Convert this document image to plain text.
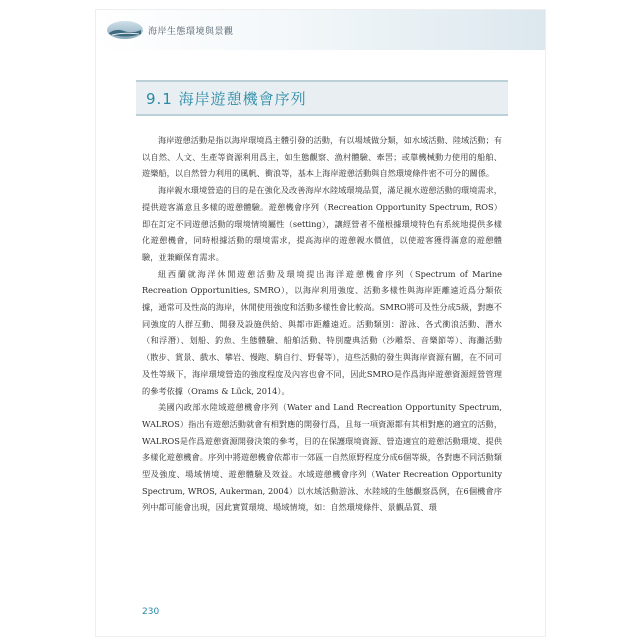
海岸生態環境與景觀
9.1 海岸遊憩機會序列

海岸遊憩活動是指以海岸環境爲主體引發的活動，有以場域做分類，如水域活動、陸域活動；有以自然、人文、生產等資源利用爲主，如生態觀察、漁村體驗、牽罟；或靠機械動力使用的船舶、遊樂船，以自然營力利用的風帆、衝浪等，基本上海岸遊憩活動與自然環境條件密不可分的關係。

海岸親水環境營造的目的是在強化及改善海岸水陸域環境品質，滿足親水遊憩活動的環境需求，提供遊客滿意且多樣的遊憩體驗。遊憩機會序列（Recreation Opportunity Spectrum, ROS）即在訂定不同遊憩活動的環境情境屬性（setting），讓經營者不僅根據環境特色有系統地提供多樣化遊憩機會，同時根據活動的環境需求，提高海岸的遊憩親水價值，以使遊客獲得滿意的遊憩體驗，並兼顧保育需求。

紐西蘭就海洋休閒遊憩活動及環境提出海洋遊憩機會序列（Spectrum of Marine Recreation Opportunities, SMRO），以海岸利用強度、活動多樣性與海岸距離遠近爲分類依據，通常可及性高的海岸，休閒使用強度和活動多樣性會比較高。SMRO將可及性分成5級，對應不同強度的人群互動、開發及設施供給、與都市距離遠近。活動類別：游泳、各式衝浪活動、潛水（和浮潛）、划船、釣魚、生態體驗、船舶活動、特別慶典活動（沙雕祭、音樂節等）、海灘活動（散步、賞景、戲水、攀岩、慢跑、騎自行、野餐等），這些活動的發生與海岸資源有關，在不同可及性等級下，海岸環境營造的強度程度及內容也會不同，因此SMRO是作爲海岸遊憩資源經營管理的參考依據（Orams & Lück, 2014）。

美國內政部水陸域遊憩機會序列（Water and Land Recreation Opportunity Spectrum, WALROS）指出有遊憩活動就會有相對應的開發行爲，且每一項資源都有其相對應的適宜的活動，WALROS是作爲遊憩資源開發決策的參考，目的在保護環境資源、營造適宜的遊憩活動環境、提供多樣化遊憩機會。序列中將遊憩機會依都市一郊區一自然原野程度分成6個等級，各對應不同活動類型及強度、場域情境、遊憩體驗及效益。水域遊憩機會序列（Water Recreation Opportunity Spectrum, WROS, Aukerman, 2004）以水域活動游泳、水陸域的生態觀察爲例，在6個機會序列中都可能會出現，因此實質環境、場域情境，如：自然環境條件、景觀品質、環

230
